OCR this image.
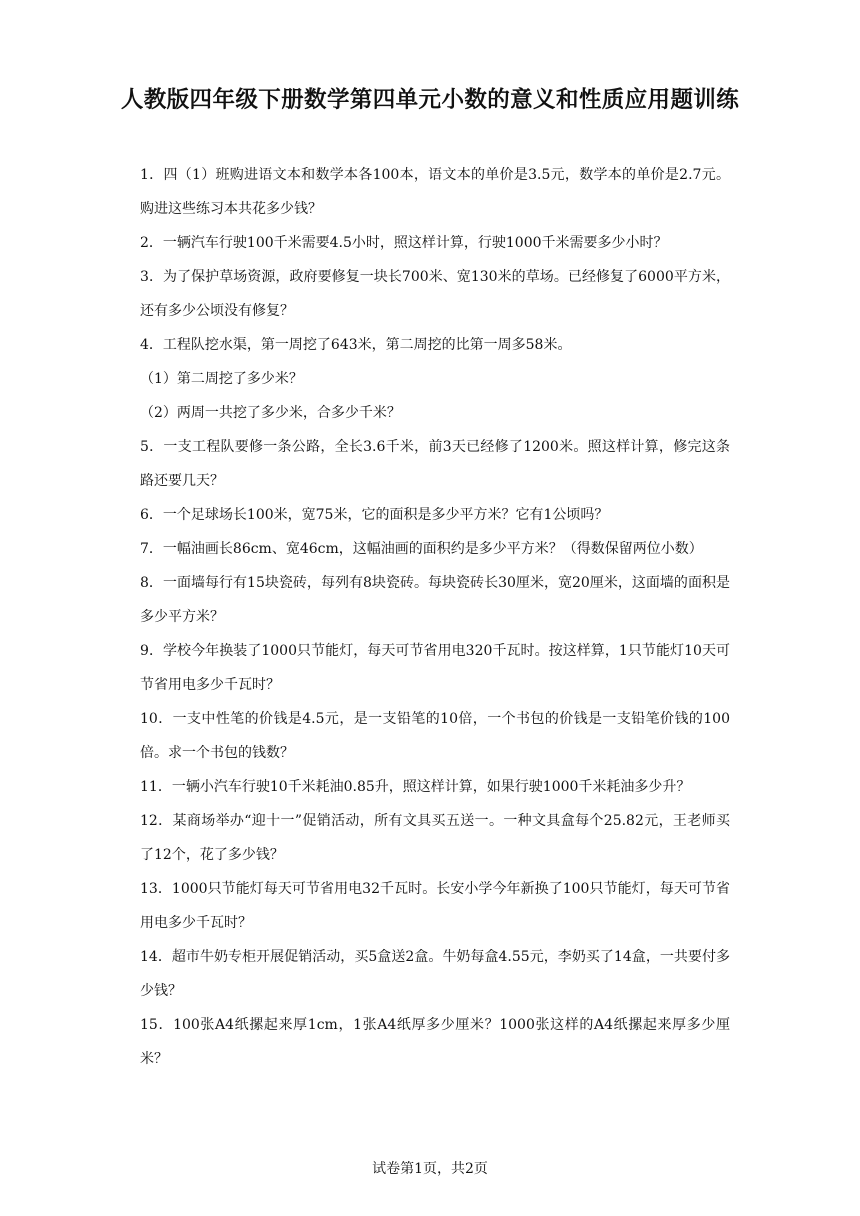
人教版四年级下册数学第四单元小数的意义和性质应用题训练

1．四（1）班购进语文本和数学本各100本，语文本的单价是3.5元，数学本的单价是2.7元。购进这些练习本共花多少钱？

2．一辆汽车行驶100千米需要4.5小时，照这样计算，行驶1000千米需要多少小时？

3．为了保护草场资源，政府要修复一块长700米、宽130米的草场。已经修复了6000平方米，还有多少公顷没有修复？

4．工程队挖水渠，第一周挖了643米，第二周挖的比第一周多58米。

（1）第二周挖了多少米？

（2）两周一共挖了多少米，合多少千米？

5．一支工程队要修一条公路，全长3.6千米，前3天已经修了1200米。照这样计算，修完这条路还要几天？

6．一个足球场长100米，宽75米，它的面积是多少平方米？它有1公顷吗？

7．一幅油画长86cm、宽46cm，这幅油画的面积约是多少平方米？（得数保留两位小数）

8．一面墙每行有15块瓷砖，每列有8块瓷砖。每块瓷砖长30厘米，宽20厘米，这面墙的面积是多少平方米？

9．学校今年换装了1000只节能灯，每天可节省用电320千瓦时。按这样算，1只节能灯10天可节省用电多少千瓦时？

10．一支中性笔的价钱是4.5元，是一支铅笔的10倍，一个书包的价钱是一支铅笔价钱的100倍。求一个书包的钱数？

11．一辆小汽车行驶10千米耗油0.85升，照这样计算，如果行驶1000千米耗油多少升？

12．某商场举办“迎十一”促销活动，所有文具买五送一。一种文具盒每个25.82元，王老师买了12个，花了多少钱？

13．1000只节能灯每天可节省用电32千瓦时。长安小学今年新换了100只节能灯，每天可节省用电多少千瓦时？

14．超市牛奶专柜开展促销活动，买5盒送2盒。牛奶每盒4.55元，李奶买了14盒，一共要付多少钱？

15．100张A4纸摞起来厚1cm，1张A4纸厚多少厘米？1000张这样的A4纸摞起来厚多少厘米？

试卷第1页，共2页
